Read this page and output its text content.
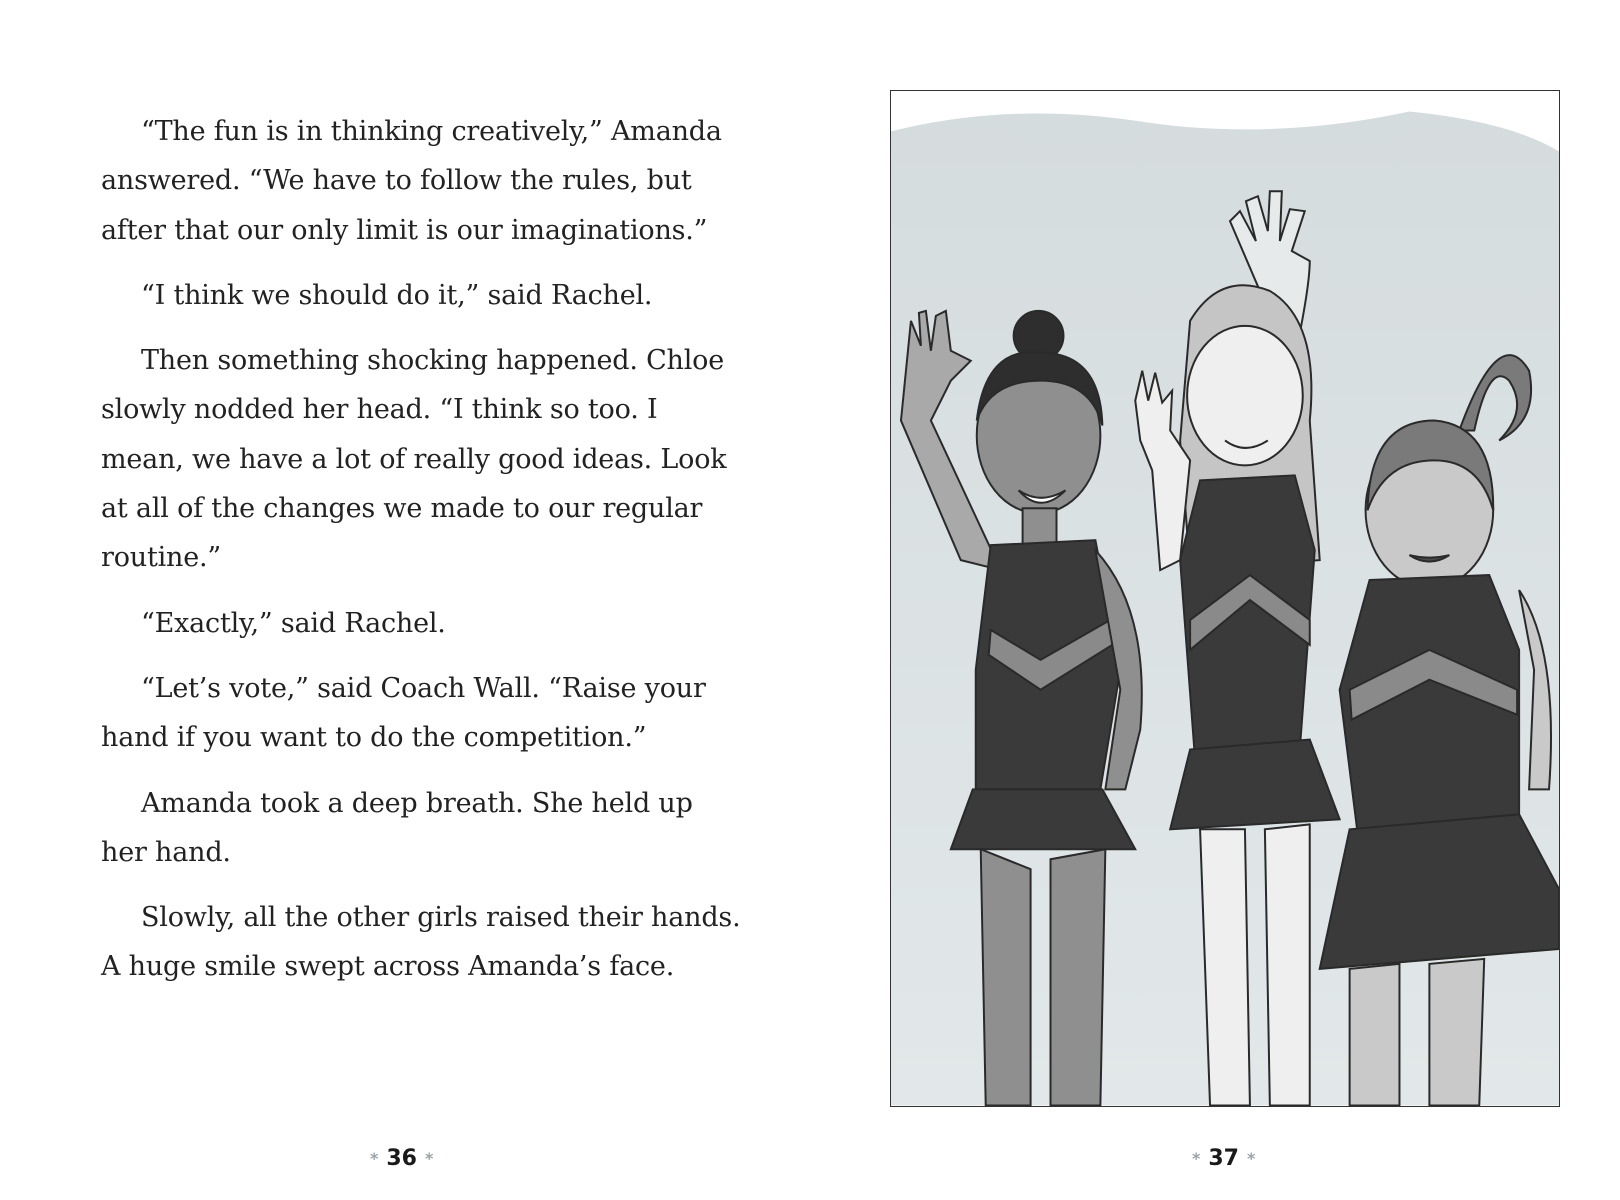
“The fun is in thinking creatively,” Amanda answered. “We have to follow the rules, but after that our only limit is our imaginations.”

“I think we should do it,” said Rachel.

Then something shocking happened. Chloe slowly nodded her head. “I think so too. I mean, we have a lot of really good ideas. Look at all of the changes we made to our regular routine.”

“Exactly,” said Rachel.

“Let’s vote,” said Coach Wall. “Raise your hand if you want to do the competition.”

Amanda took a deep breath. She held up her hand.

Slowly, all the other girls raised their hands. A huge smile swept across Amanda’s face.

* 36 *	* 37 *
